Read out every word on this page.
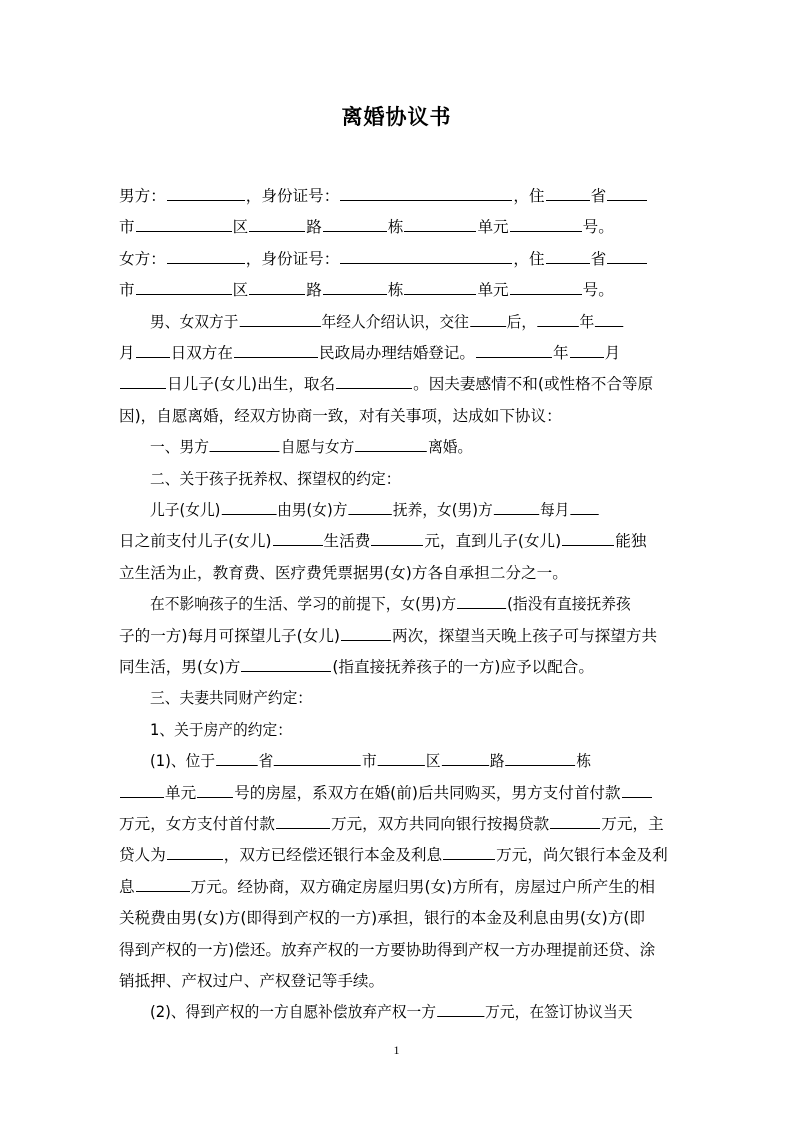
离婚协议书
男方：	，身份证号：	，住	省
市	区	路	栋	单元	号。
女方：	，身份证号：	，住	省
市	区	路	栋	单元	号。
男、女双方于	年经人介绍认识，交往 后，	年
月 日双方在	民政局办理结婚登记。	年 月
日儿子(女儿)出生，取名	。因夫妻感情不和(或性格不合等原
因)，自愿离婚，经双方协商一致，对有关事项，达成如下协议：
一、男方	自愿与女方	离婚。
二、关于孩子抚养权、探望权的约定：
儿子(女儿)	由男(女)方	抚养，女(男)方	每月
日之前支付儿子(女儿)	生活费	元，直到儿子(女儿)	能独
立生活为止，教育费、医疗费凭票据男(女)方各自承担二分之一。
在不影响孩子的生活、学习的前提下，女(男)方	(指没有直接抚养孩
子的一方)每月可探望儿子(女儿)	两次，探望当天晚上孩子可与探望方共
同生活，男(女)方	(指直接抚养孩子的一方)应予以配合。
三、夫妻共同财产约定：
1、关于房产的约定：
(1)、位于	省	市	区	路	栋
单元 号的房屋，系双方在婚(前)后共同购买，男方支付首付款
万元，女方支付首付款	万元，双方共同向银行按揭贷款	万元，主
贷人为	，双方已经偿还银行本金及利息	万元，尚欠银行本金及利
息	万元。经协商，双方确定房屋归男(女)方所有，房屋过户所产生的相
关税费由男(女)方(即得到产权的一方)承担，银行的本金及利息由男(女)方(即
得到产权的一方)偿还。放弃产权的一方要协助得到产权一方办理提前还贷、涂
销抵押、产权过户、产权登记等手续。
(2)、得到产权的一方自愿补偿放弃产权一方	万元，在签订协议当天
1
